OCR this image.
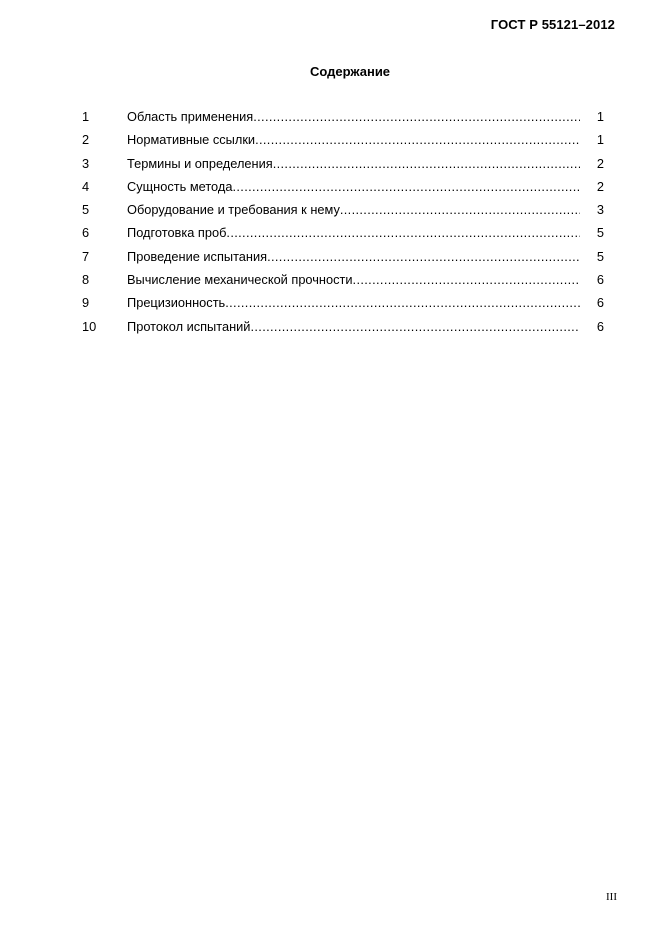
ГОСТ Р 55121–2012
Содержание
1	Область применения . . .	1
2	Нормативные ссылки . . .	1
3	Термины и определения . . .	2
4	Сущность метода . . .	2
5	Оборудование и требования к нему . . .	3
6	Подготовка проб . . .	5
7	Проведение испытания . . .	5
8	Вычисление механической прочности . . .	6
9	Прецизионность . . .	6
10	Протокол испытаний . . .	6
III
